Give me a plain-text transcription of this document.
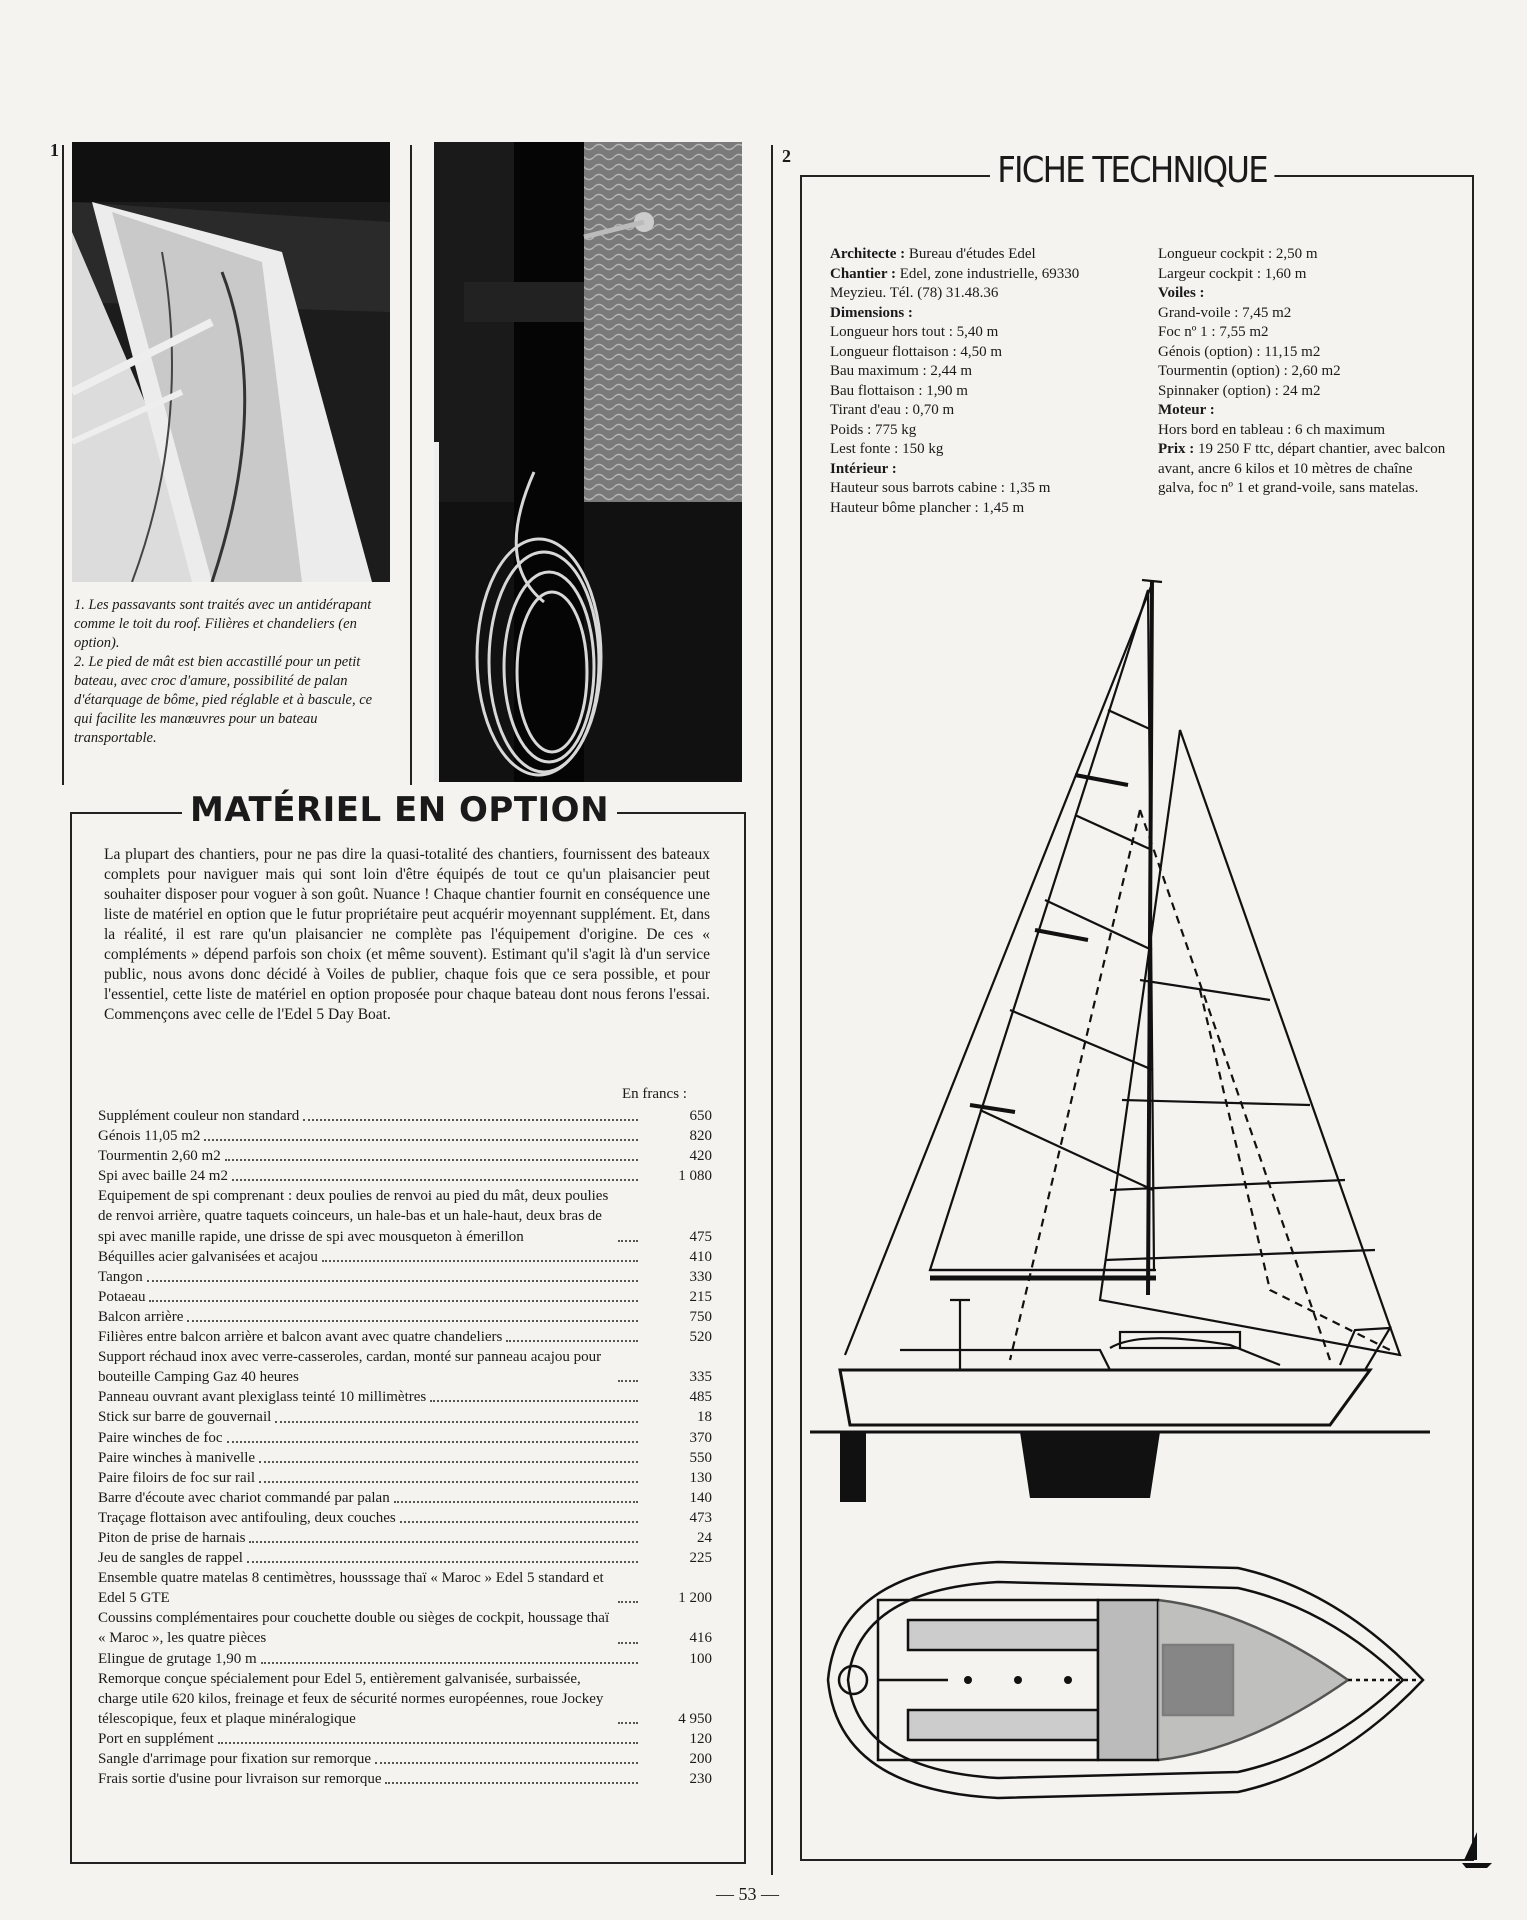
1

1. Les passavants sont traités avec un antidérapant comme le toit du roof. Filières et chandeliers (en option).

2. Le pied de mât est bien accastillé pour un petit bateau, avec croc d'amure, possibilité de palan d'étarquage de bôme, pied réglable et à bascule, ce qui facilite les manœuvres pour un bateau transportable.

MATÉRIEL EN OPTION

La plupart des chantiers, pour ne pas dire la quasi-totalité des chantiers, fournissent des bateaux complets pour naviguer mais qui sont loin d'être équipés de tout ce qu'un plaisancier peut souhaiter disposer pour voguer à son goût. Nuance ! Chaque chantier fournit en conséquence une liste de matériel en option que le futur propriétaire peut acquérir moyennant supplément. Et, dans la réalité, il est rare qu'un plaisancier ne complète pas l'équipement d'origine. De ces « compléments » dépend parfois son choix (et même souvent). Estimant qu'il s'agit là d'un service public, nous avons donc décidé à Voiles de publier, chaque fois que ce sera possible, et pour l'essentiel, cette liste de matériel en option proposée pour chaque bateau dont nous ferons l'essai. Commençons avec celle de l'Edel 5 Day Boat.

En francs :
Supplément couleur non standard	650
Génois 11,05 m2	820
Tourmentin 2,60 m2	420
Spi avec baille 24 m2	1 080
Equipement de spi comprenant : deux poulies de renvoi au pied du mât, deux poulies de renvoi arrière, quatre taquets coinceurs, un hale-bas et un hale-haut, deux bras de spi avec manille rapide, une drisse de spi avec mousqueton à émerillon	475
Béquilles acier galvanisées et acajou	410
Tangon	330
Potaeau	215
Balcon arrière	750
Filières entre balcon arrière et balcon avant avec quatre chandeliers	520
Support réchaud inox avec verre-casseroles, cardan, monté sur panneau acajou pour bouteille Camping Gaz 40 heures	335
Panneau ouvrant avant plexiglass teinté 10 millimètres	485
Stick sur barre de gouvernail	18
Paire winches de foc	370
Paire winches à manivelle	550
Paire filoirs de foc sur rail	130
Barre d'écoute avec chariot commandé par palan	140
Traçage flottaison avec antifouling, deux couches	473
Piton de prise de harnais	24
Jeu de sangles de rappel	225
Ensemble quatre matelas 8 centimètres, housssage thaï « Maroc » Edel 5 standard et Edel 5 GTE	1 200
Coussins complémentaires pour couchette double ou sièges de cockpit, houssage thaï « Maroc », les quatre pièces	416
Elingue de grutage 1,90 m	100
Remorque conçue spécialement pour Edel 5, entièrement galvanisée, surbaissée, charge utile 620 kilos, freinage et feux de sécurité normes européennes, roue Jockey télescopique, feux et plaque minéralogique	4 950
Port en supplément	120
Sangle d'arrimage pour fixation sur remorque	200
Frais sortie d'usine pour livraison sur remorque	230
2	FICHE TECHNIQUE
Architecte : Bureau d'études Edel
Chantier : Edel, zone industrielle, 69330 Meyzieu. Tél. (78) 31.48.36
Dimensions :
Longueur hors tout : 5,40 m
Longueur flottaison : 4,50 m
Bau maximum : 2,44 m
Bau flottaison : 1,90 m
Tirant d'eau : 0,70 m
Poids : 775 kg
Lest fonte : 150 kg
Intérieur :
Hauteur sous barrots cabine : 1,35 m
Hauteur bôme plancher : 1,45 m
Longueur cockpit : 2,50 m
Largeur cockpit : 1,60 m
Voiles :
Grand-voile : 7,45 m2
Foc nº 1 : 7,55 m2
Génois (option) : 11,15 m2
Tourmentin (option) : 2,60 m2
Spinnaker (option) : 24 m2
Moteur :
Hors bord en tableau : 6 ch maximum
Prix : 19 250 F ttc, départ chantier, avec balcon avant, ancre 6 kilos et 10 mètres de chaîne galva, foc nº 1 et grand-voile, sans matelas.
— 53 —
